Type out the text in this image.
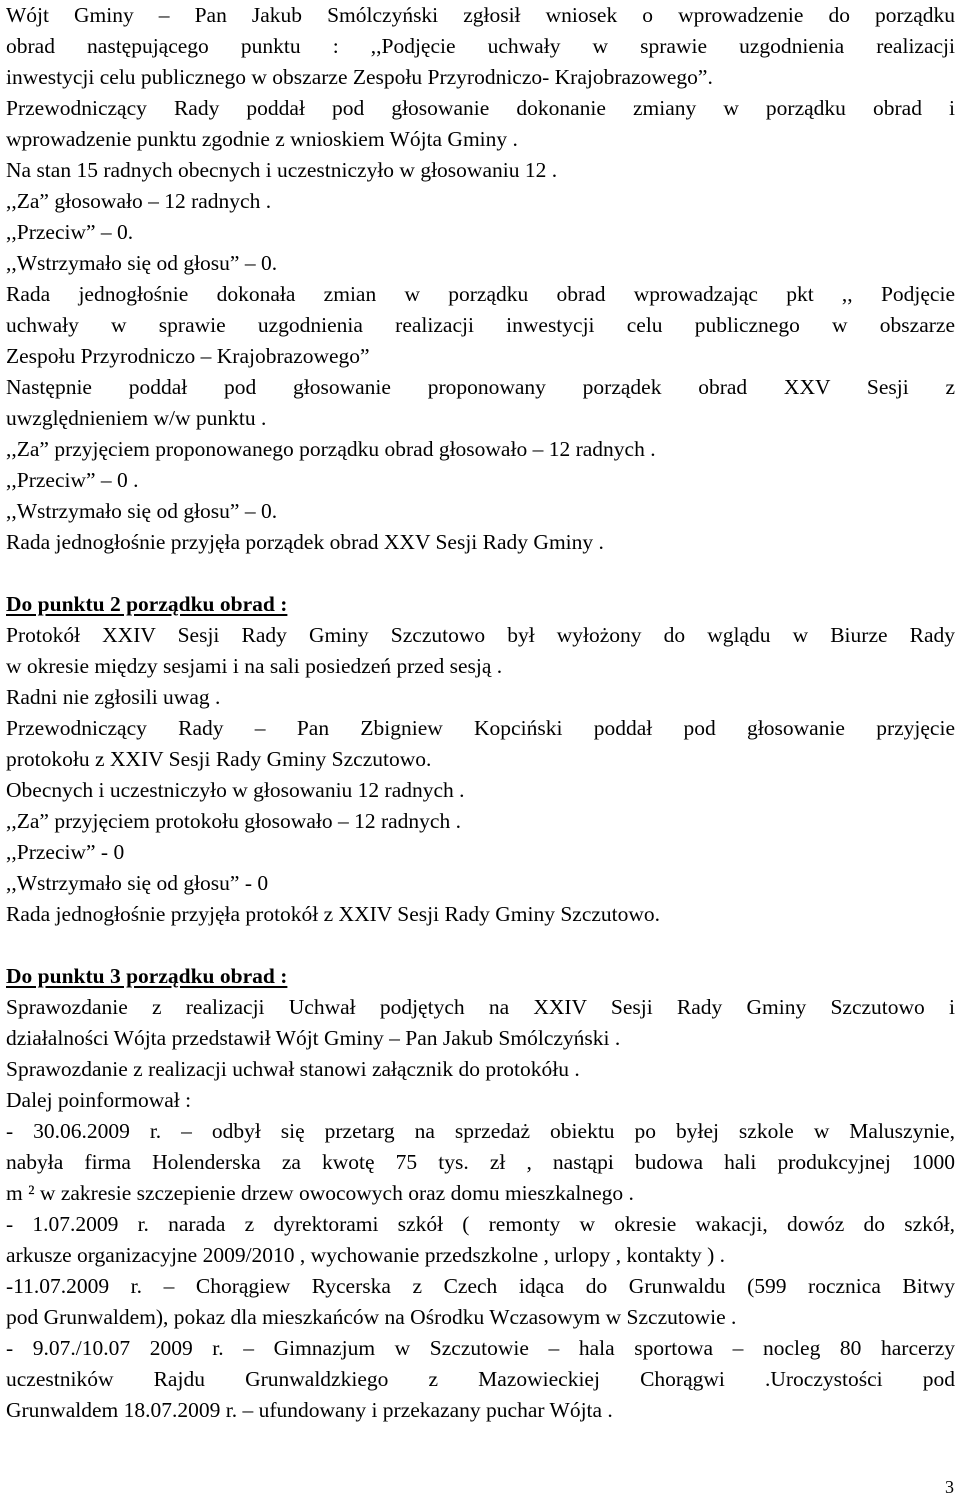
Wójt Gminy – Pan Jakub Smólczyński zgłosił wniosek o wprowadzenie do porządku
obrad następującego punktu : ,,Podjęcie uchwały w sprawie uzgodnienia realizacji
inwestycji celu publicznego w obszarze Zespołu Przyrodniczo- Krajobrazowego”.
Przewodniczący Rady poddał pod głosowanie dokonanie zmiany w porządku obrad i
wprowadzenie punktu zgodnie z wnioskiem Wójta Gminy .
Na stan 15 radnych obecnych i uczestniczyło w głosowaniu 12 .
,,Za” głosowało – 12 radnych .
,,Przeciw” – 0.
,,Wstrzymało się od głosu” – 0.
Rada jednogłośnie dokonała zmian w porządku obrad wprowadzając pkt ,, Podjęcie
uchwały w sprawie uzgodnienia realizacji inwestycji celu publicznego w obszarze
Zespołu Przyrodniczo – Krajobrazowego”
Następnie poddał pod głosowanie proponowany porządek obrad XXV Sesji z
uwzględnieniem w/w punktu .
,,Za” przyjęciem proponowanego porządku obrad głosowało – 12 radnych .
,,Przeciw” – 0 .
,,Wstrzymało się od głosu” – 0.
Rada jednogłośnie przyjęła porządek obrad XXV Sesji Rady Gminy .
Do punktu 2 porządku obrad :
Protokół XXIV Sesji Rady Gminy Szczutowo był wyłożony do wglądu w Biurze Rady
w okresie między sesjami i na sali posiedzeń przed sesją .
Radni nie zgłosili uwag .
Przewodniczący Rady – Pan Zbigniew Kopciński poddał pod głosowanie przyjęcie
protokołu z XXIV Sesji Rady Gminy Szczutowo.
Obecnych i uczestniczyło w głosowaniu 12 radnych .
,,Za” przyjęciem protokołu głosowało – 12 radnych .
,,Przeciw” - 0
,,Wstrzymało się od głosu” - 0
Rada jednogłośnie przyjęła protokół z XXIV Sesji Rady Gminy Szczutowo.
Do punktu 3 porządku obrad :
Sprawozdanie z realizacji Uchwał podjętych na XXIV Sesji Rady Gminy Szczutowo i
działalności Wójta przedstawił Wójt Gminy – Pan Jakub Smólczyński .
Sprawozdanie z realizacji uchwał stanowi załącznik do protokółu .
Dalej poinformował :
- 30.06.2009 r. – odbył się przetarg na sprzedaż obiektu po byłej szkole w Maluszynie,
nabyła firma Holenderska za kwotę 75 tys. zł , nastąpi budowa hali produkcyjnej 1000
m ² w zakresie szczepienie drzew owocowych oraz domu mieszkalnego .
- 1.07.2009 r. narada z dyrektorami szkół ( remonty w okresie wakacji, dowóz do szkół,
arkusze organizacyjne 2009/2010 , wychowanie przedszkolne , urlopy , kontakty ) .
-11.07.2009 r. – Chorągiew Rycerska z Czech idąca do Grunwaldu (599 rocznica Bitwy
pod Grunwaldem), pokaz dla mieszkańców na Ośrodku Wczasowym w Szczutowie .
- 9.07./10.07 2009 r. – Gimnazjum w Szczutowie – hala sportowa – nocleg 80 harcerzy
uczestników Rajdu Grunwaldzkiego z Mazowieckiej Chorągwi .Uroczystości pod
Grunwaldem 18.07.2009 r. – ufundowany i przekazany puchar Wójta .
3
